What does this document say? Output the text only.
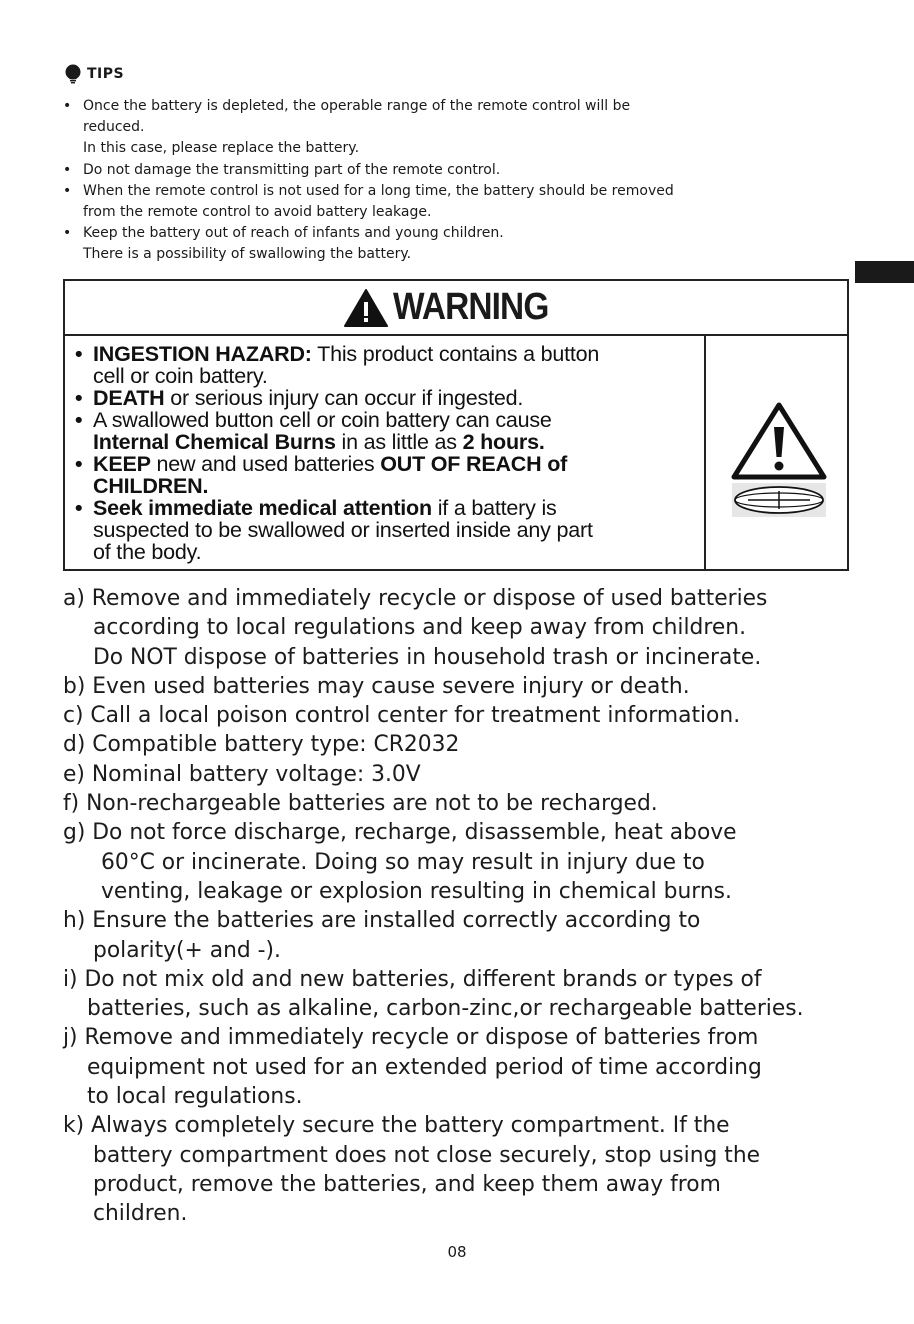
TIPS
• Once the battery is depleted, the operable range of the remote control will be
reduced.
In this case, please replace the battery.
• Do not damage the transmitting part of the remote control.
• When the remote control is not used for a long time, the battery should be removed
from the remote control to avoid battery leakage.
• Keep the battery out of reach of infants and young children.
There is a possibility of swallowing the battery.
WARNING
• INGESTION HAZARD: This product contains a button
cell or coin battery.
• DEATH or serious injury can occur if ingested.
• A swallowed button cell or coin battery can cause
Internal Chemical Burns in as little as 2 hours.
• KEEP new and used batteries OUT OF REACH of
CHILDREN.
• Seek immediate medical attention if a battery is
suspected to be swallowed or inserted inside any part
of the body.
a) Remove and immediately recycle or dispose of used batteries
according to local regulations and keep away from children.
Do NOT dispose of batteries in household trash or incinerate.
b) Even used batteries may cause severe injury or death.
c) Call a local poison control center for treatment information.
d) Compatible battery type: CR2032
e) Nominal battery voltage: 3.0V
f) Non-rechargeable batteries are not to be recharged.
g) Do not force discharge, recharge, disassemble, heat above
60°C or incinerate. Doing so may result in injury due to
venting, leakage or explosion resulting in chemical burns.
h) Ensure the batteries are installed correctly according to
polarity(+ and -).
i) Do not mix old and new batteries, different brands or types of
batteries, such as alkaline, carbon-zinc,or rechargeable batteries.
j) Remove and immediately recycle or dispose of batteries from
equipment not used for an extended period of time according
to local regulations.
k) Always completely secure the battery compartment. If the
battery compartment does not close securely, stop using the
product, remove the batteries, and keep them away from
children.
08
